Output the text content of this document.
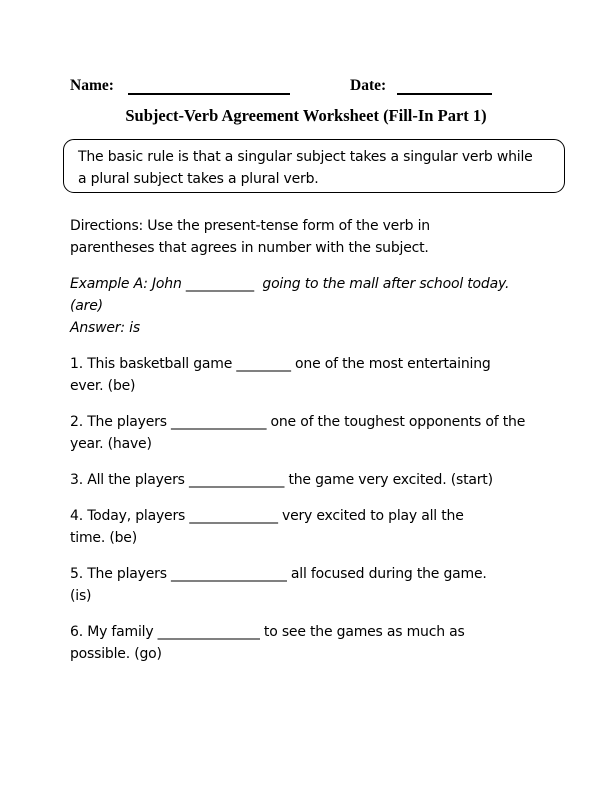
Name:	Date:
Subject-Verb Agreement Worksheet (Fill-In Part 1)
The basic rule is that a singular subject takes a singular verb while
a plural subject takes a plural verb.

Directions: Use the present-tense form of the verb in
parentheses that agrees in number with the subject.

Example A: John __________  going to the mall after school today.
(are)
Answer: is

1. This basketball game ________ one of the most entertaining
ever. (be)

2. The players ______________ one of the toughest opponents of the
year. (have)

3. All the players ______________ the game very excited. (start)

4. Today, players _____________ very excited to play all the
time. (be)

5. The players _________________ all focused during the game.
(is)

6. My family _______________ to see the games as much as
possible. (go)
